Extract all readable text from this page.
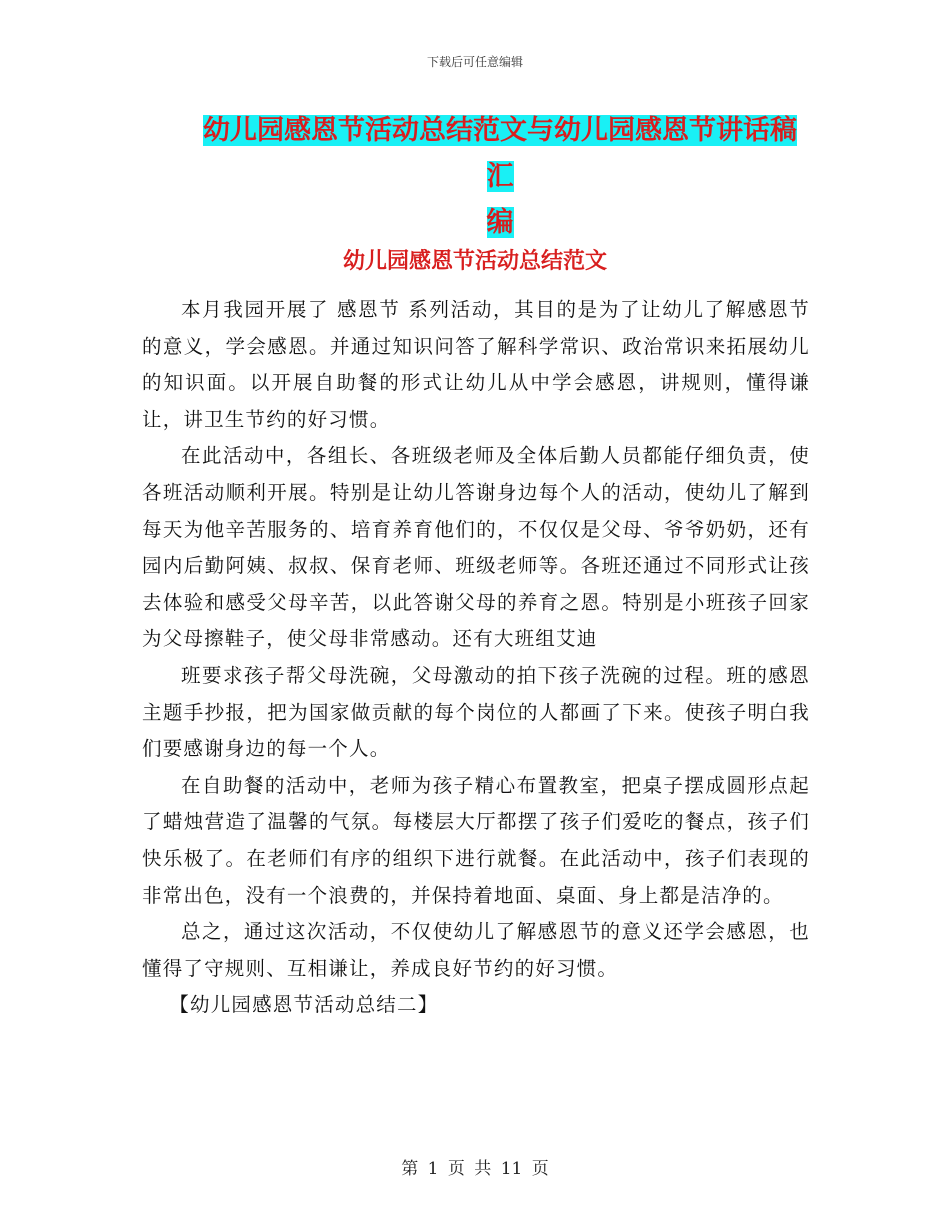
下载后可任意编辑
幼儿园感恩节活动总结范文与幼儿园感恩节讲话稿汇
编
幼儿园感恩节活动总结范文

本月我园开展了 感恩节 系列活动，其目的是为了让幼儿了解感恩节的意义，学会感恩。并通过知识问答了解科学常识、政治常识来拓展幼儿的知识面。以开展自助餐的形式让幼儿从中学会感恩，讲规则，懂得谦让，讲卫生节约的好习惯。

在此活动中，各组长、各班级老师及全体后勤人员都能仔细负责，使各班活动顺利开展。特别是让幼儿答谢身边每个人的活动，使幼儿了解到每天为他辛苦服务的、培育养育他们的，不仅仅是父母、爷爷奶奶，还有园内后勤阿姨、叔叔、保育老师、班级老师等。各班还通过不同形式让孩去体验和感受父母辛苦，以此答谢父母的养育之恩。特别是小班孩子回家为父母擦鞋子，使父母非常感动。还有大班组艾迪

班要求孩子帮父母洗碗，父母激动的拍下孩子洗碗的过程。班的感恩主题手抄报，把为国家做贡献的每个岗位的人都画了下来。使孩子明白我们要感谢身边的每一个人。

在自助餐的活动中，老师为孩子精心布置教室，把桌子摆成圆形点起了蜡烛营造了温馨的气氛。每楼层大厅都摆了孩子们爱吃的餐点，孩子们快乐极了。在老师们有序的组织下进行就餐。在此活动中，孩子们表现的非常出色，没有一个浪费的，并保持着地面、桌面、身上都是洁净的。

总之，通过这次活动，不仅使幼儿了解感恩节的意义还学会感恩，也懂得了守规则、互相谦让，养成良好节约的好习惯。

【幼儿园感恩节活动总结二】

第 1 页 共 11 页
